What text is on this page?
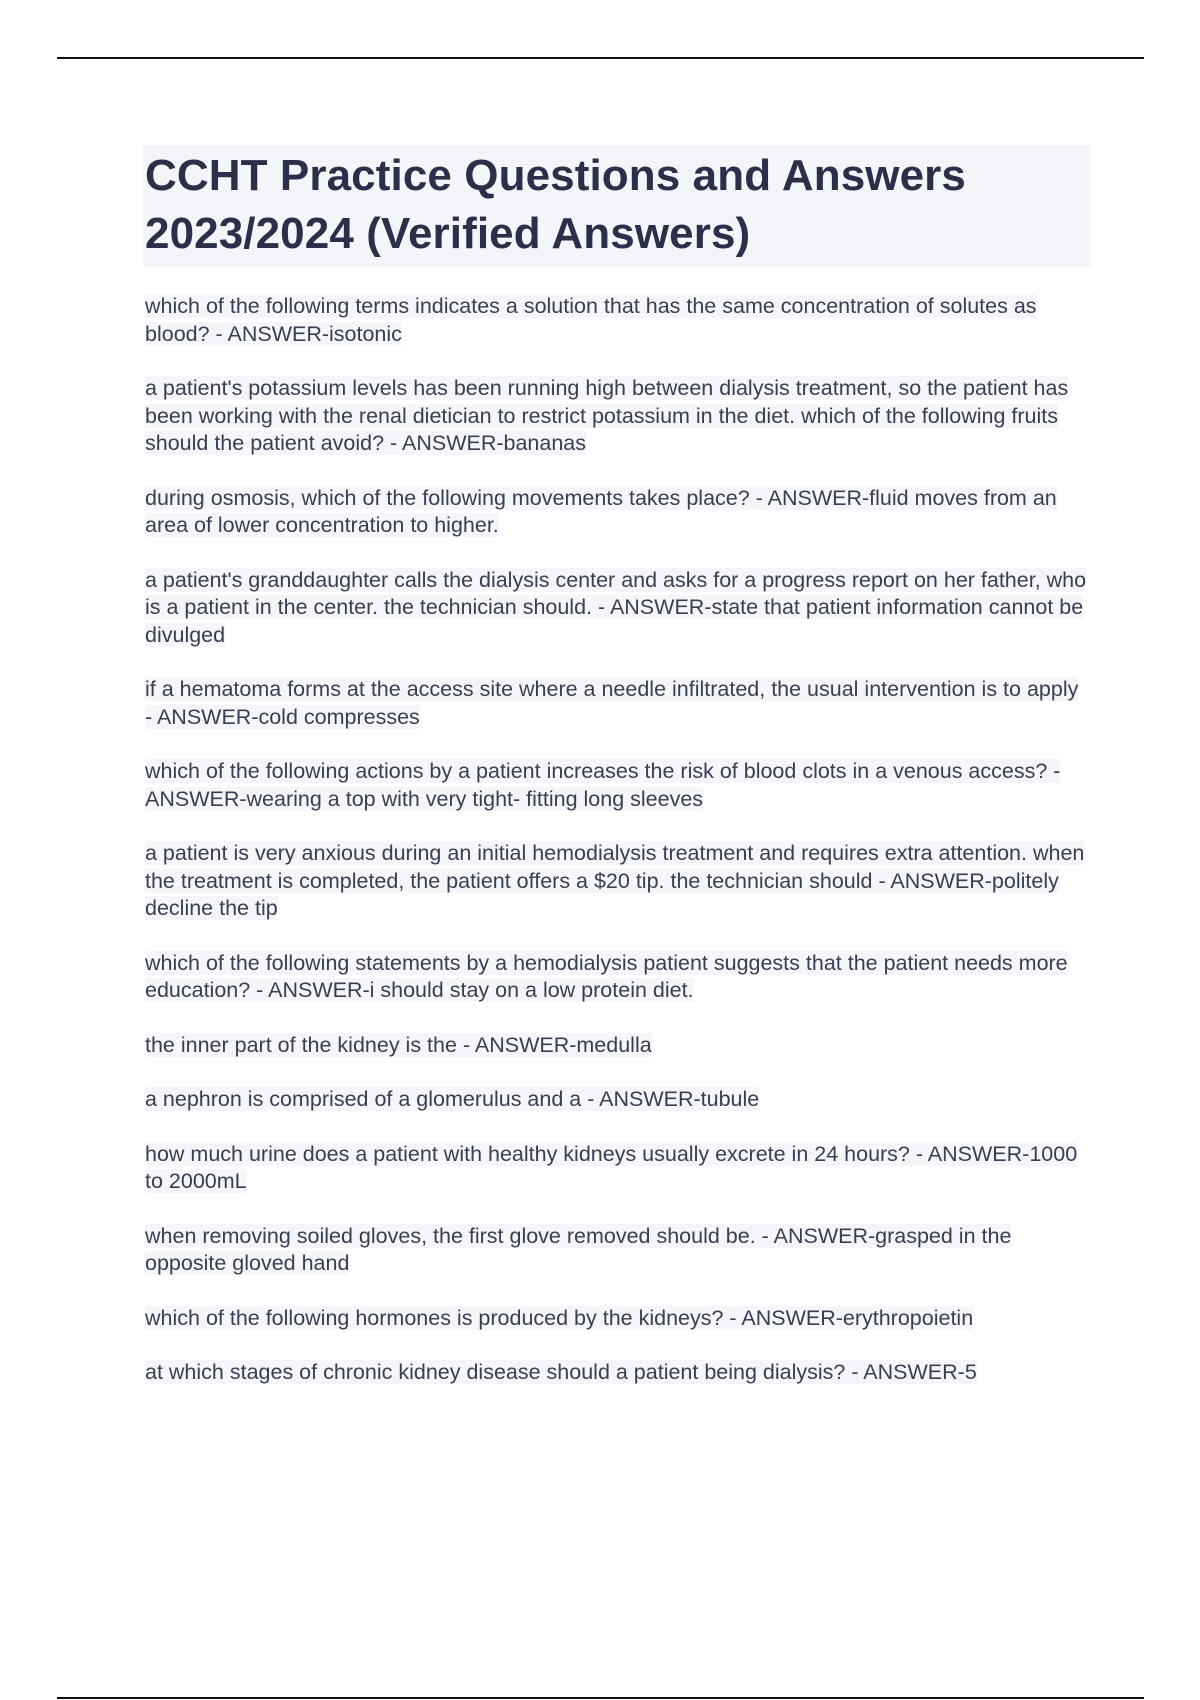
CCHT Practice Questions and Answers 2023/2024 (Verified Answers)

which of the following terms indicates a solution that has the same concentration of solutes as blood? - ANSWER-isotonic

a patient's potassium levels has been running high between dialysis treatment, so the patient has been working with the renal dietician to restrict potassium in the diet. which of the following fruits should the patient avoid? - ANSWER-bananas

during osmosis, which of the following movements takes place? - ANSWER-fluid moves from an area of lower concentration to higher.

a patient's granddaughter calls the dialysis center and asks for a progress report on her father, who is a patient in the center. the technician should. - ANSWER-state that patient information cannot be divulged

if a hematoma forms at the access site where a needle infiltrated, the usual intervention is to apply - ANSWER-cold compresses

which of the following actions by a patient increases the risk of blood clots in a venous access? - ANSWER-wearing a top with very tight- fitting long sleeves

a patient is very anxious during an initial hemodialysis treatment and requires extra attention. when the treatment is completed, the patient offers a $20 tip. the technician should - ANSWER-politely decline the tip

which of the following statements by a hemodialysis patient suggests that the patient needs more education? - ANSWER-i should stay on a low protein diet.

the inner part of the kidney is the - ANSWER-medulla

a nephron is comprised of a glomerulus and a - ANSWER-tubule

how much urine does a patient with healthy kidneys usually excrete in 24 hours? - ANSWER-1000 to 2000mL

when removing soiled gloves, the first glove removed should be. - ANSWER-grasped in the opposite gloved hand

which of the following hormones is produced by the kidneys? - ANSWER-erythropoietin

at which stages of chronic kidney disease should a patient being dialysis? - ANSWER-5
